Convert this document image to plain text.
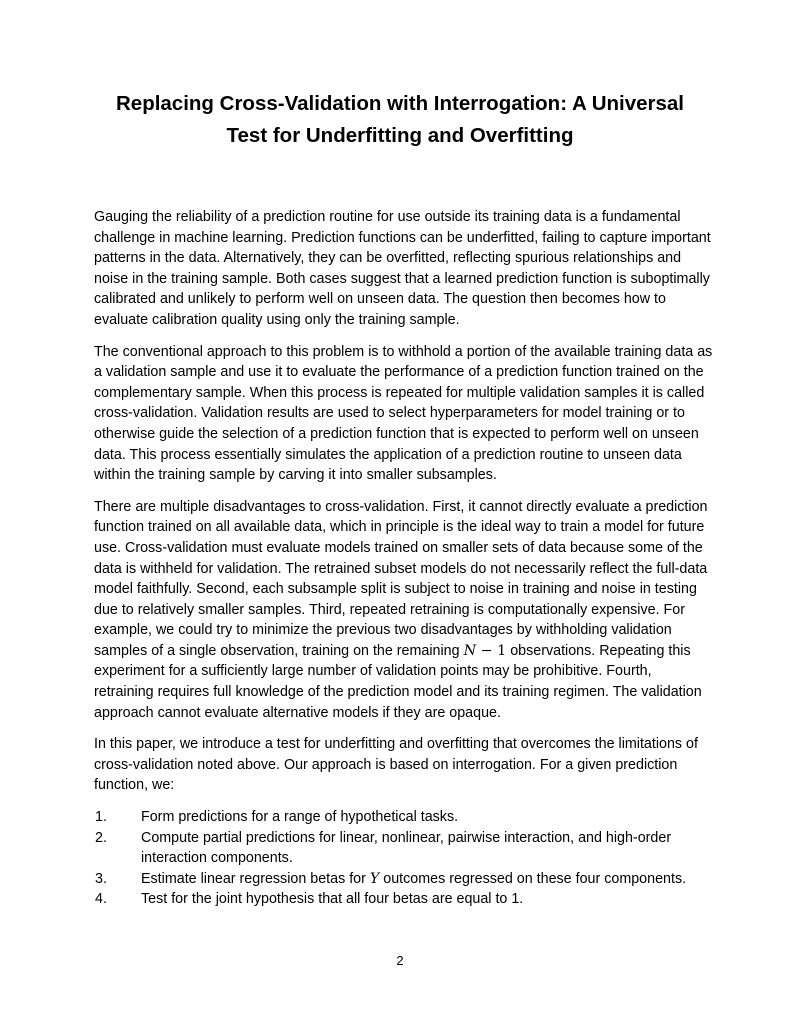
Replacing Cross-Validation with Interrogation: A Universal
Test for Underfitting and Overfitting

Gauging the reliability of a prediction routine for use outside its training data is a fundamental challenge in machine learning. Prediction functions can be underfitted, failing to capture important patterns in the data. Alternatively, they can be overfitted, reflecting spurious relationships and noise in the training sample. Both cases suggest that a learned prediction function is suboptimally calibrated and unlikely to perform well on unseen data. The question then becomes how to evaluate calibration quality using only the training sample.

The conventional approach to this problem is to withhold a portion of the available training data as a validation sample and use it to evaluate the performance of a prediction function trained on the complementary sample. When this process is repeated for multiple validation samples it is called cross-validation. Validation results are used to select hyperparameters for model training or to otherwise guide the selection of a prediction function that is expected to perform well on unseen data. This process essentially simulates the application of a prediction routine to unseen data within the training sample by carving it into smaller subsamples.

There are multiple disadvantages to cross-validation. First, it cannot directly evaluate a prediction function trained on all available data, which in principle is the ideal way to train a model for future use. Cross-validation must evaluate models trained on smaller sets of data because some of the data is withheld for validation. The retrained subset models do not necessarily reflect the full-data model faithfully. Second, each subsample split is subject to noise in training and noise in testing due to relatively smaller samples. Third, repeated retraining is computationally expensive. For example, we could try to minimize the previous two disadvantages by withholding validation samples of a single observation, training on the remaining N − 1 observations. Repeating this experiment for a sufficiently large number of validation points may be prohibitive. Fourth, retraining requires full knowledge of the prediction model and its training regimen. The validation approach cannot evaluate alternative models if they are opaque.

In this paper, we introduce a test for underfitting and overfitting that overcomes the limitations of cross-validation noted above. Our approach is based on interrogation. For a given prediction function, we:

1. Form predictions for a range of hypothetical tasks.
2. Compute partial predictions for linear, nonlinear, pairwise interaction, and high-order interaction components.
3. Estimate linear regression betas for Y outcomes regressed on these four components.
4. Test for the joint hypothesis that all four betas are equal to 1.
2
